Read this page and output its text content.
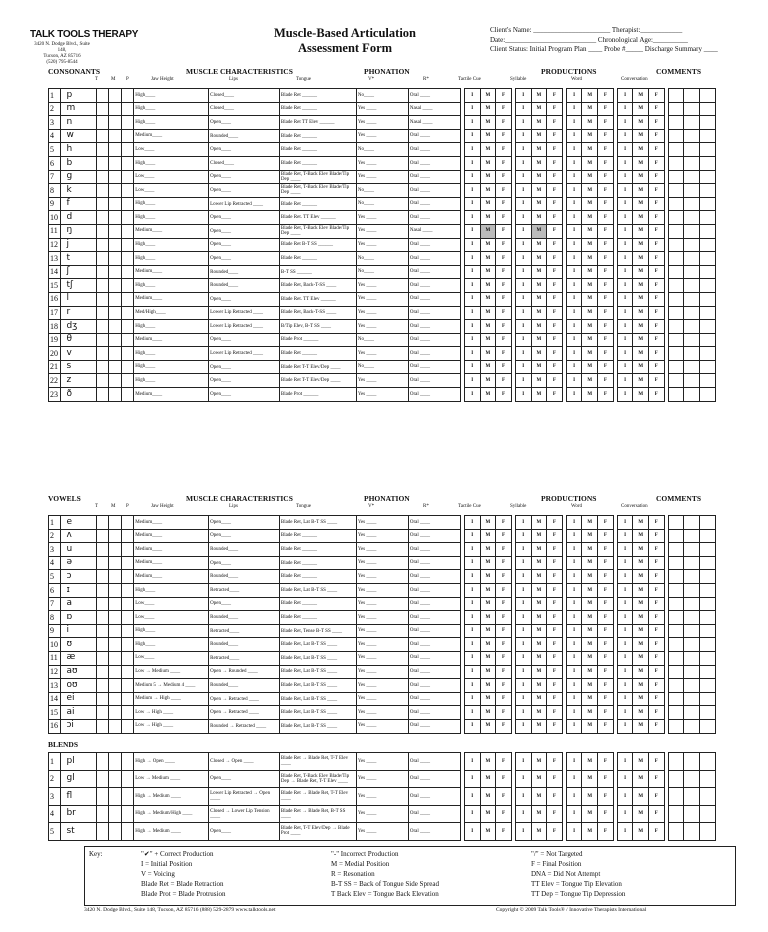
TALK TOOLS THERAPY
3420 N. Dodge Blvd., Suite 148,
Tucson, AZ 85716
(520) 795-8544
Muscle-Based Articulation
Assessment Form
Client's Name: ______________________ Therapist:____________
Date:__________________________ Chronological Age:__________
Client Status: Initial Program Plan ____ Probe #_____ Discharge Summary ____
CONSONANTS	MUSCLE CHARACTERISTICS	PHONATION	PRODUCTIONS	COMMENTS
T	M P	Jaw Height	Lips	Tongue	V*	R*	Tactile Cue	Syllable	Word	Conversation
1	p				High____	Closed____	Blade Ret ______	No____	Oral ____		I	M	F		I	M	F		I	M	F		I	M	F				
2	m				High____	Closed____	Blade Ret ______	Yes ____	Nasal ____		I	M	F		I	M	F		I	M	F		I	M	F				
3	n				High____	Open____	Blade Ret TT Elev ______	Yes ____	Nasal ____		I	M	F		I	M	F		I	M	F		I	M	F				
4	w				Medium____	Rounded____	Blade Ret ______	Yes ____	Oral ____		I	M	F		I	M	F		I	M	F		I	M	F				
5	h				Low____	Open____	Blade Ret ______	No____	Oral ____		I	M	F		I	M	F		I	M	F		I	M	F				
6	b				High____	Closed____	Blade Ret ______	Yes ____	Oral ____		I	M	F		I	M	F		I	M	F		I	M	F				
7	g				Low____	Open____	Blade Ret, T-Back Elev Blade/Tip Dep ____	Yes ____	Oral ____		I	M	F		I	M	F		I	M	F		I	M	F				
8	k				Low____	Open____	Blade Ret, T-Back Elev Blade/Tip Dep ____	No____	Oral ____		I	M	F		I	M	F		I	M	F		I	M	F				
9	f				High____	Lower Lip Retracted ____	Blade Ret ______	No____	Oral ____		I	M	F		I	M	F		I	M	F		I	M	F				
10	d				High____	Open____	Blade Ret. TT Elev ______	Yes ____	Oral ____		I	M	F		I	M	F		I	M	F		I	M	F				
11	ŋ				Medium____	Open____	Blade Ret, T-Back Elev Blade/Tip Dep ____	Yes ____	Nasal ____		I	M	F		I	M	F		I	M	F		I	M	F				
12	j				High____	Open____	Blade Ret B-T SS ______	Yes ____	Oral ____		I	M	F		I	M	F		I	M	F		I	M	F				
13	t				High____	Open____	Blade Ret ______	No____	Oral ____		I	M	F		I	M	F		I	M	F		I	M	F				
14	ʃ				Medium____	Rounded____	B-T SS ______	No____	Oral ____		I	M	F		I	M	F		I	M	F		I	M	F				
15	tʃ				High____	Rounded____	Blade Ret, Back-T-SS ____	Yes ____	Oral ____		I	M	F		I	M	F		I	M	F		I	M	F				
16	l				Medium____	Open____	Blade Ret. TT Elev ______	Yes ____	Oral ____		I	M	F		I	M	F		I	M	F		I	M	F				
17	r				Med/High____	Lower Lip Retracted ____	Blade Ret, Back-T-SS ____	Yes ____	Oral ____		I	M	F		I	M	F		I	M	F		I	M	F				
18	dʒ				High____	Lower Lip Retracted ____	B/Tip Elev, B-T SS ____	Yes ____	Oral ____		I	M	F		I	M	F		I	M	F		I	M	F				
19	θ				Medium____	Open____	Blade Prot ______	No____	Oral ____		I	M	F		I	M	F		I	M	F		I	M	F				
20	v				High____	Lower Lip Retracted ____	Blade Ret ______	Yes ____	Oral ____		I	M	F		I	M	F		I	M	F		I	M	F				
21	s				High____	Open____	Blade Ret T-T Elev/Dep ____	No____	Oral ____		I	M	F		I	M	F		I	M	F		I	M	F				
22	z				High____	Open____	Blade Ret T-T Elev/Dep ____	Yes ____	Oral ____		I	M	F		I	M	F		I	M	F		I	M	F				
23	ð				Medium____	Open____	Blade Prot ______	Yes ____	Oral ____		I	M	F		I	M	F		I	M	F		I	M	F				
VOWELS	MUSCLE CHARACTERISTICS	PHONATION	PRODUCTIONS	COMMENTS
T	M P	Jaw Height	Lips	Tongue	V*	R*	Tactile Cue	Syllable	Word	Conversation
1	e				Medium____	Open____	Blade Ret, Lat B-T SS ____	Yes ____	Oral ____		I	M	F		I	M	F		I	M	F		I	M	F				
2	ʌ				Medium____	Open____	Blade Ret ______	Yes ____	Oral ____		I	M	F		I	M	F		I	M	F		I	M	F				
3	u				Medium____	Rounded____	Blade Ret ______	Yes ____	Oral ____		I	M	F		I	M	F		I	M	F		I	M	F				
4	ə				Medium____	Open____	Blade Ret ______	Yes ____	Oral ____		I	M	F		I	M	F		I	M	F		I	M	F				
5	ɔ				Medium____	Rounded____	Blade Ret ______	Yes ____	Oral ____		I	M	F		I	M	F		I	M	F		I	M	F				
6	ɪ				High____	Retracted____	Blade Ret, Lat B-T SS ____	Yes ____	Oral ____		I	M	F		I	M	F		I	M	F		I	M	F				
7	a				Low____	Open____	Blade Ret ______	Yes ____	Oral ____		I	M	F		I	M	F		I	M	F		I	M	F				
8	ɒ				Low____	Rounded____	Blade Ret ______	Yes ____	Oral ____		I	M	F		I	M	F		I	M	F		I	M	F				
9	i				High____	Retracted____	Blade Ret, Tense B-T SS ____	Yes ____	Oral ____		I	M	F		I	M	F		I	M	F		I	M	F				
10	ʊ				High____	Rounded____	Blade Ret, Lat B-T SS ____	Yes ____	Oral ____		I	M	F		I	M	F		I	M	F		I	M	F				
11	æ				Low____	Retracted____	Blade Ret, Lat B-T SS ____	Yes ____	Oral ____		I	M	F		I	M	F		I	M	F		I	M	F				
12	aʊ				Low → Medium ____	Open → Rounded ____	Blade Ret, Lat B-T SS ____	Yes ____	Oral ____		I	M	F		I	M	F		I	M	F		I	M	F				
13	oʊ				Medium 5 → Medium 4 ____	Rounded____	Blade Ret, Lat B-T SS ____	Yes ____	Oral ____		I	M	F		I	M	F		I	M	F		I	M	F				
14	ei				Medium → High ____	Open → Retracted ____	Blade Ret, Lat B-T SS ____	Yes ____	Oral ____		I	M	F		I	M	F		I	M	F		I	M	F				
15	ai				Low → High ____	Open → Retracted ____	Blade Ret, Lat B-T SS ____	Yes ____	Oral ____		I	M	F		I	M	F		I	M	F		I	M	F				
16	ɔi				Low → High ____	Rounded → Retracted ____	Blade Ret, Lat B-T SS ____	Yes ____	Oral ____		I	M	F		I	M	F		I	M	F		I	M	F				
BLENDS
1	pl				High → Open ____	Closed → Open ____	Blade Ret → Blade Ret, T-T Elev ____	Yes ____	Oral ____		I	M	F		I	M	F		I	M	F		I	M	F				
2	gl				Low → Medium ____	Open____	Blade Ret, T-Back Elev Blade/Tip Dep → Blade Ret, T-T Elev ____	Yes ____	Oral ____		I	M	F		I	M	F		I	M	F		I	M	F				
3	fl				High → Medium ____	Lower Lip Retracted → Open ____	Blade Ret → Blade Ret, T-T Elev ____	Yes ____	Oral ____		I	M	F		I	M	F		I	M	F		I	M	F				
4	br				High → Medium/High ____	Closed → Lower Lip Tension ____	Blade Ret → Blade Ret, B-T SS ____	Yes ____	Oral ____		I	M	F		I	M	F		I	M	F		I	M	F				
5	st				High → Medium ____	Open____	Blade Ret, T-T Elev/Dep → Blade Prot ____	Yes ____	Oral ____		I	M	F		I	M	F		I	M	F		I	M	F				
Key:	"✔" + Correct Production
I = Initial Position
V = Voicing
Blade Ret = Blade Retraction
Blade Prot = Blade Protrusion
"-" Incorrect Production
M = Medial Position
R = Resonation
B-T SS = Back of Tongue Side Spread
T Back Elev = Tongue Back Elevation
"/" = Not Targeted
F = Final Position
DNA = Did Not Attempt
TT Elev = Tongue Tip Elevation
TT Dep = Tongue Tip Depression
3420 N. Dodge Blvd., Suite 148, Tucson, AZ 85716 (888) 529-2879 www.talktools.net	Copyright © 2009 Talk Tools® / Innovative Therapists International
